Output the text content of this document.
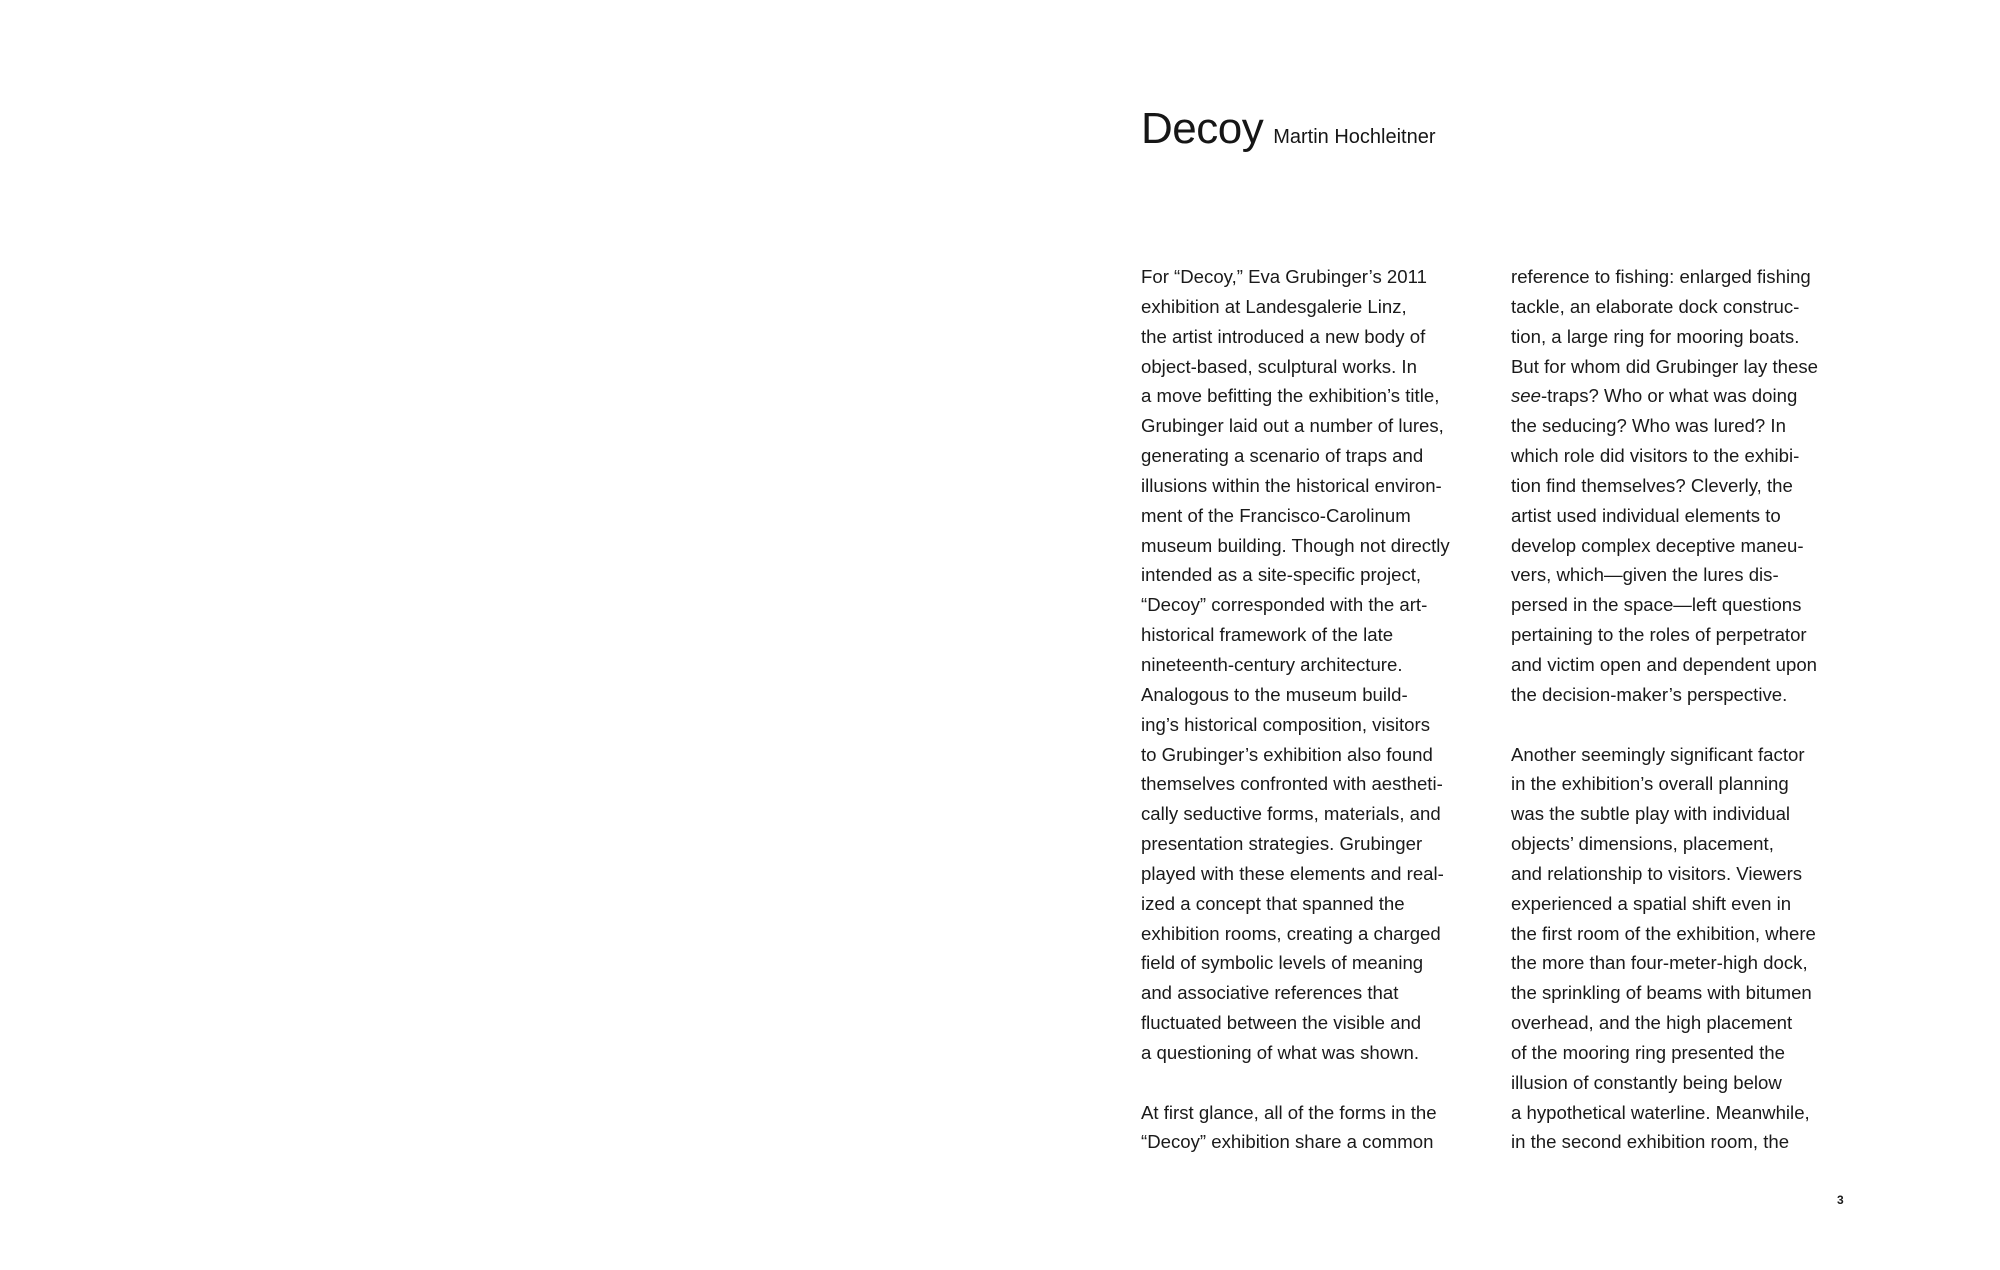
Decoy Martin Hochleitner
For “Decoy,” Eva Grubinger’s 2011
exhibition at Landesgalerie Linz,
the artist introduced a new body of
object-based, sculptural works. In
a move befitting the exhibition’s title,
Grubinger laid out a number of lures,
generating a scenario of traps and
illusions within the historical environ-
ment of the Francisco-Carolinum
museum building. Though not directly
intended as a site-specific project,
“Decoy” corresponded with the art-
historical framework of the late
nineteenth-century architecture.
Analogous to the museum build-
ing’s historical composition, visitors
to Grubinger’s exhibition also found
themselves confronted with aestheti-
cally seductive forms, materials, and
presentation strategies. Grubinger
played with these elements and real-
ized a concept that spanned the
exhibition rooms, creating a charged
field of symbolic levels of meaning
and associative references that
fluctuated between the visible and
a questioning of what was shown.
At first glance, all of the forms in the
“Decoy” exhibition share a common
reference to fishing: enlarged fishing
tackle, an elaborate dock construc-
tion, a large ring for mooring boats.
But for whom did Grubinger lay these
see-traps? Who or what was doing
the seducing? Who was lured? In
which role did visitors to the exhibi-
tion find themselves? Cleverly, the
artist used individual elements to
develop complex deceptive maneu-
vers, which—given the lures dis-
persed in the space—left questions
pertaining to the roles of perpetrator
and victim open and dependent upon
the decision-maker’s perspective.
Another seemingly significant factor
in the exhibition’s overall planning
was the subtle play with individual
objects’ dimensions, placement,
and relationship to visitors. Viewers
experienced a spatial shift even in
the first room of the exhibition, where
the more than four-meter-high dock,
the sprinkling of beams with bitumen
overhead, and the high placement
of the mooring ring presented the
illusion of constantly being below
a hypothetical waterline. Meanwhile,
in the second exhibition room, the
3
